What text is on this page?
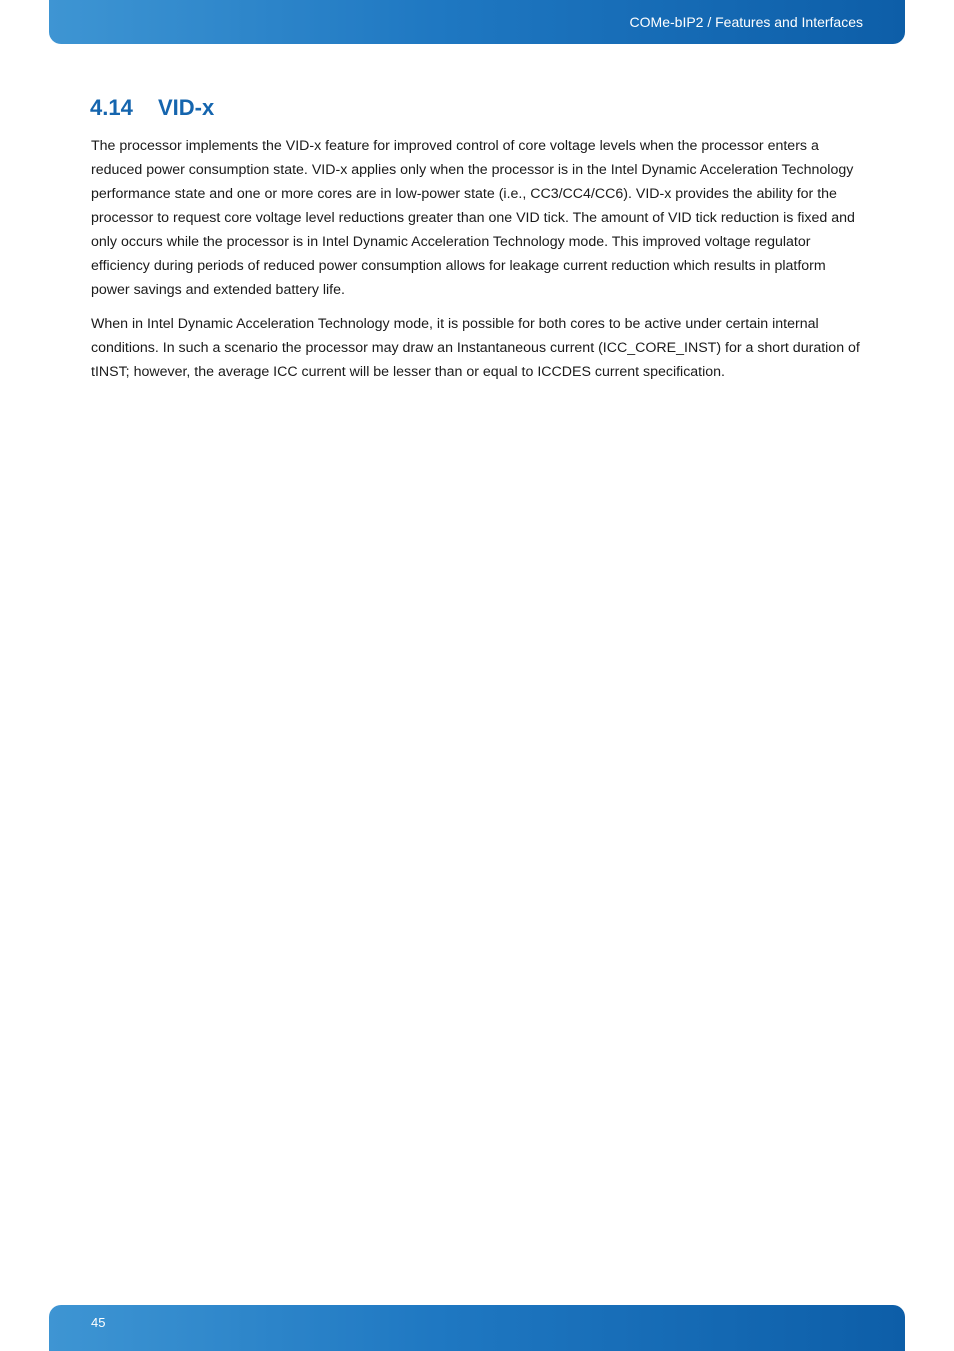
COMe-bIP2 / Features and Interfaces
4.14 VID-x

The processor implements the VID-x feature for improved control of core voltage levels when the processor enters a reduced power consumption state. VID-x applies only when the processor is in the Intel Dynamic Acceleration Technology performance state and one or more cores are in low-power state (i.e., CC3/CC4/CC6). VID-x provides the ability for the processor to request core voltage level reductions greater than one VID tick. The amount of VID tick reduction is fixed and only occurs while the processor is in Intel Dynamic Acceleration Technology mode. This improved voltage regulator efficiency during periods of reduced power consumption allows for leakage current reduction which results in platform power savings and extended battery life.

When in Intel Dynamic Acceleration Technology mode, it is possible for both cores to be active under certain internal conditions. In such a scenario the processor may draw an Instantaneous current (ICC_CORE_INST) for a short duration of tINST; however, the average ICC current will be lesser than or equal to ICCDES current specification.

45
